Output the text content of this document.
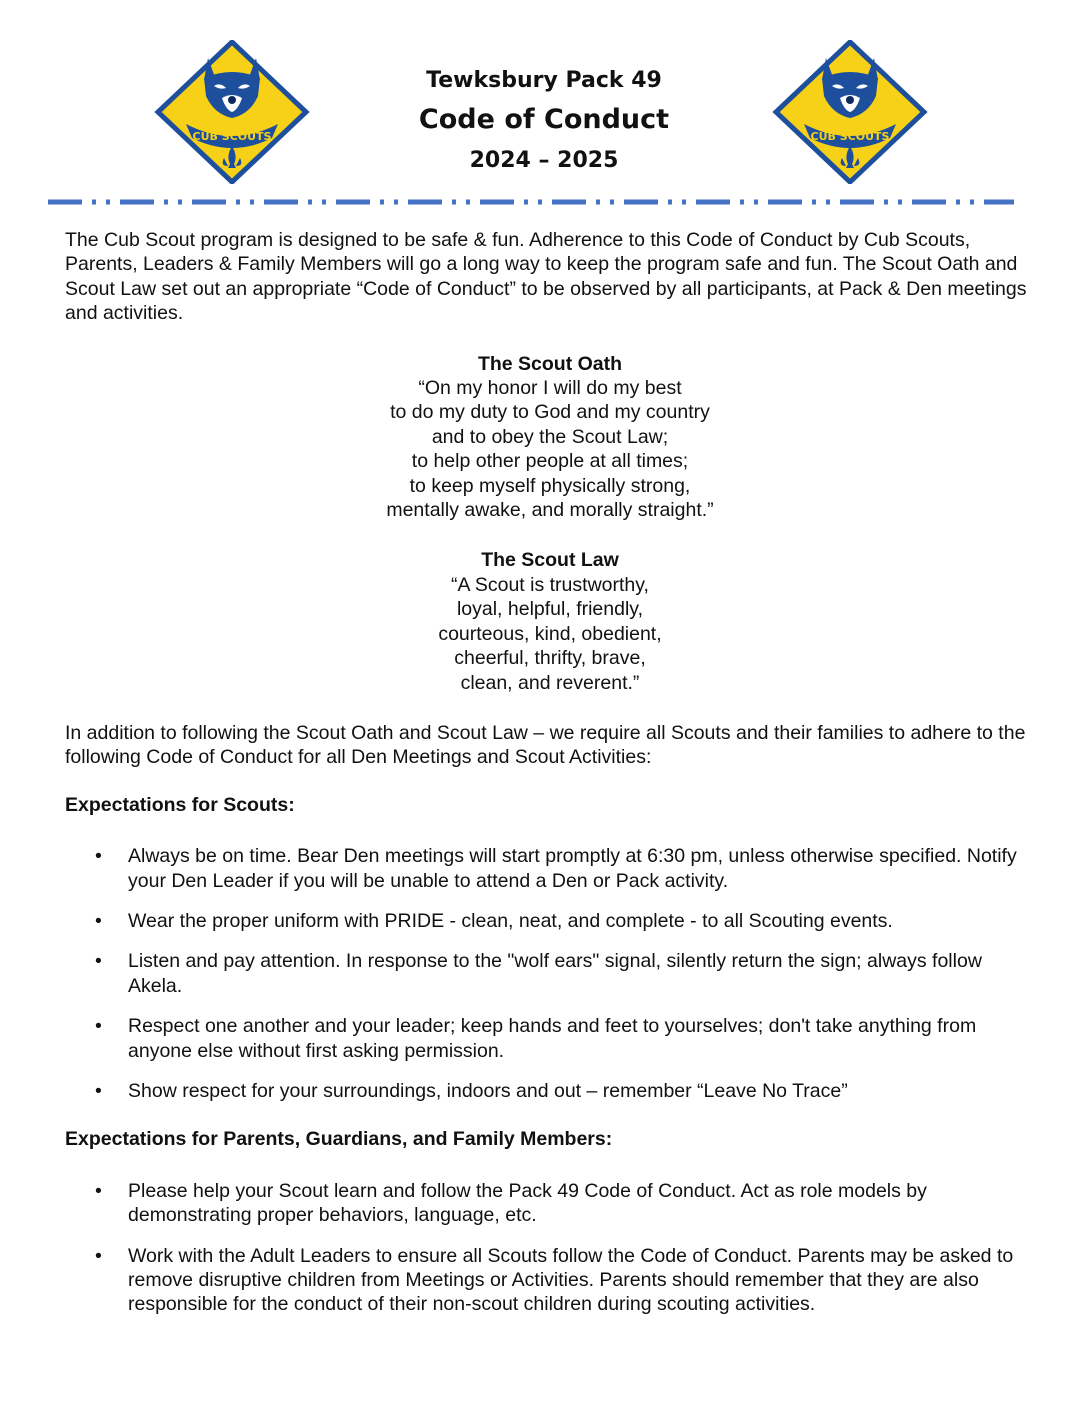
CUB SCOUTS	CUB SCOUTS
Tewksbury Pack 49
Code of Conduct
2024 – 2025

The Cub Scout program is designed to be safe & fun. Adherence to this Code of Conduct by Cub Scouts, Parents, Leaders & Family Members will go a long way to keep the program safe and fun. The Scout Oath and Scout Law set out an appropriate “Code of Conduct” to be observed by all participants, at Pack & Den meetings and activities.

The Scout Oath
“On my honor I will do my best
to do my duty to God and my country
and to obey the Scout Law;
to help other people at all times;
to keep myself physically strong,
mentally awake, and morally straight.”
The Scout Law
“A Scout is trustworthy,
loyal, helpful, friendly,
courteous, kind, obedient,
cheerful, thrifty, brave,
clean, and reverent.”

In addition to following the Scout Oath and Scout Law – we require all Scouts and their families to adhere to the following Code of Conduct for all Den Meetings and Scout Activities:

Expectations for Scouts:

• Always be on time. Bear Den meetings will start promptly at 6:30 pm, unless otherwise specified. Notify your Den Leader if you will be unable to attend a Den or Pack activity.
• Wear the proper uniform with PRIDE - clean, neat, and complete - to all Scouting events.
• Listen and pay attention. In response to the "wolf ears" signal, silently return the sign; always follow Akela.
• Respect one another and your leader; keep hands and feet to yourselves; don't take anything from anyone else without first asking permission.
• Show respect for your surroundings, indoors and out – remember “Leave No Trace”

Expectations for Parents, Guardians, and Family Members:

• Please help your Scout learn and follow the Pack 49 Code of Conduct. Act as role models by demonstrating proper behaviors, language, etc.
• Work with the Adult Leaders to ensure all Scouts follow the Code of Conduct. Parents may be asked to remove disruptive children from Meetings or Activities. Parents should remember that they are also responsible for the conduct of their non-scout children during scouting activities.
